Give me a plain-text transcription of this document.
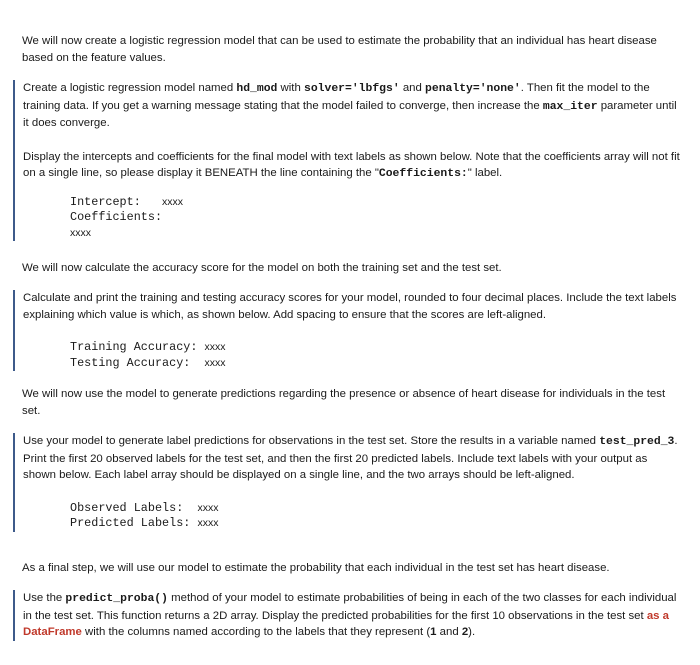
We will now create a logistic regression model that can be used to estimate the probability that an individual has heart disease based on the feature values.

Create a logistic regression model named hd_mod with solver='lbfgs' and penalty='none'. Then fit the model to the training data. If you get a warning message stating that the model failed to converge, then increase the max_iter parameter until it does converge.

Display the intercepts and coefficients for the final model with text labels as shown below. Note that the coefficients array will not fit on a single line, so please display it BENEATH the line containing the "Coefficients:" label.

Intercept:   xxxx
Coefficients:
xxxx

We will now calculate the accuracy score for the model on both the training set and the test set.

Calculate and print the training and testing accuracy scores for your model, rounded to four decimal places. Include the text labels explaining which value is which, as shown below. Add spacing to ensure that the scores are left-aligned.

Training Accuracy: xxxx
Testing Accuracy:  xxxx

We will now use the model to generate predictions regarding the presence or absence of heart disease for individuals in the test set.

Use your model to generate label predictions for observations in the test set. Store the results in a variable named test_pred_3. Print the first 20 observed labels for the test set, and then the first 20 predicted labels. Include text labels with your output as shown below. Each label array should be displayed on a single line, and the two arrays should be left-aligned.

Observed Labels:  xxxx
Predicted Labels: xxxx

As a final step, we will use our model to estimate the probability that each individual in the test set has heart disease.

Use the predict_proba() method of your model to estimate probabilities of being in each of the two classes for each individual in the test set. This function returns a 2D array. Display the predicted probabilities for the first 10 observations in the test set as a DataFrame with the columns named according to the labels that they represent (1 and 2).
